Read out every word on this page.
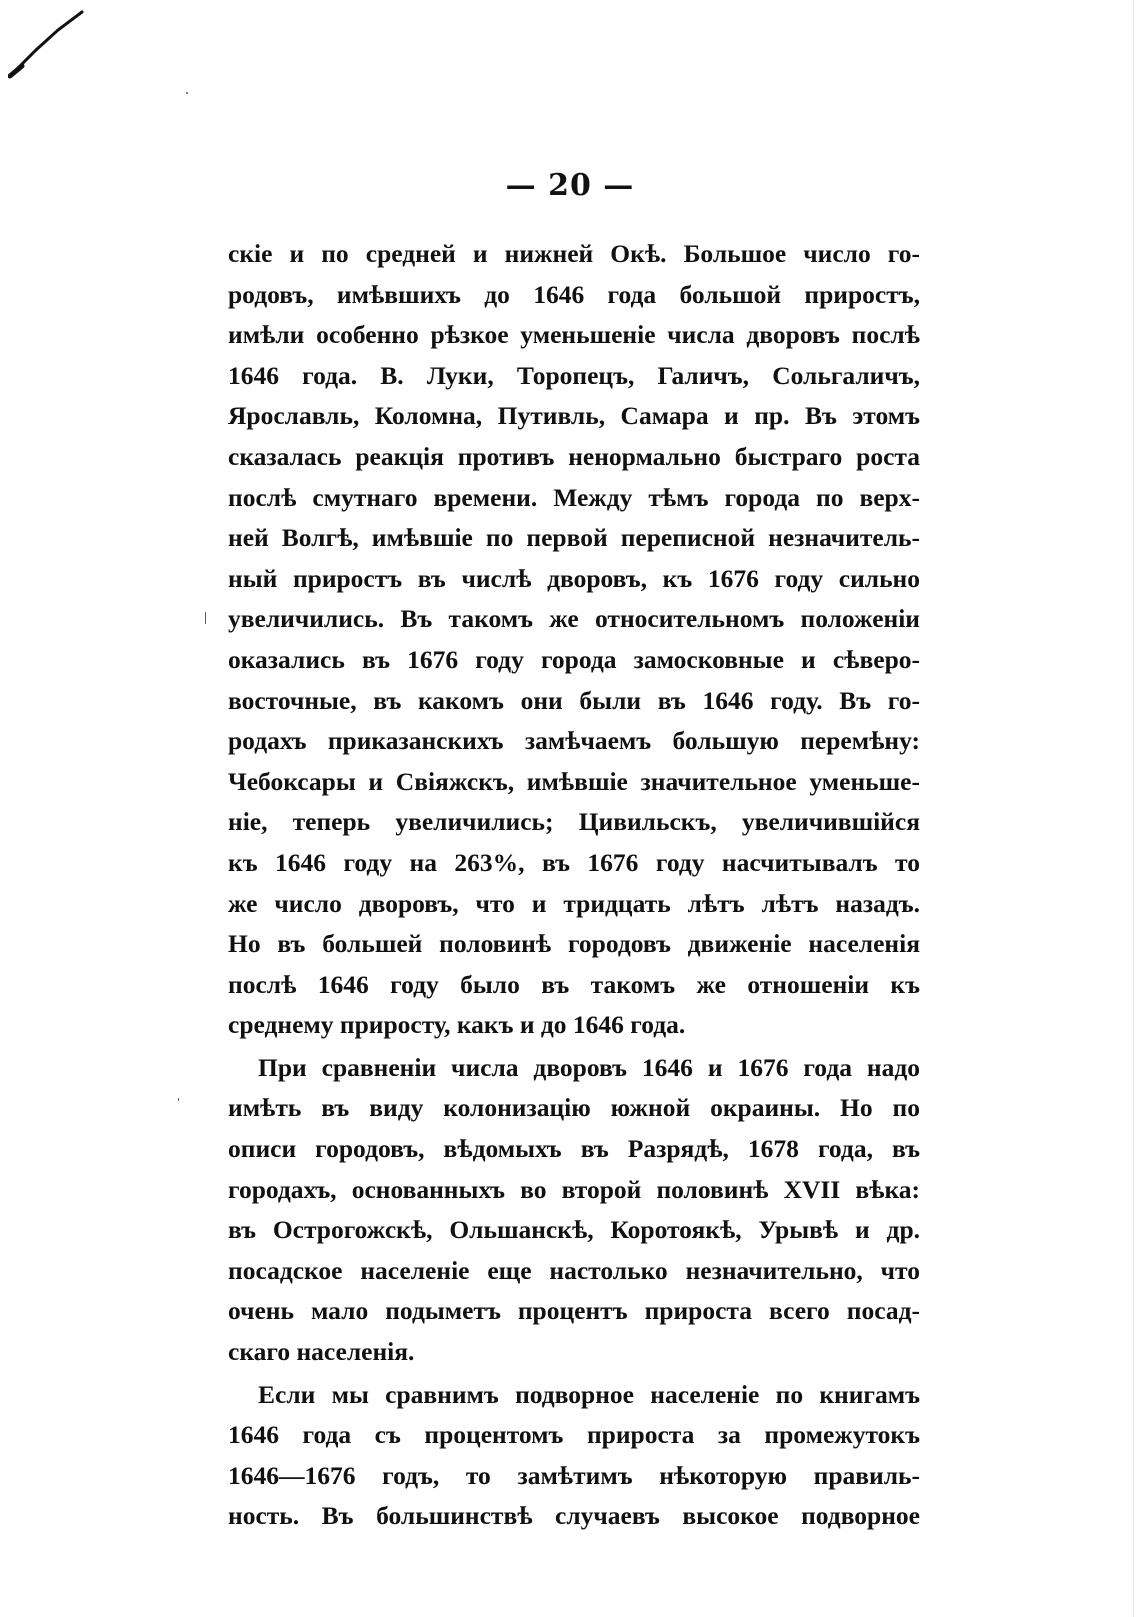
— 20 —
скіе и по средней и нижней Окѣ. Большое число го-
родовъ, имѣвшихъ до 1646 года большой приростъ,
имѣли особенно рѣзкое уменьшеніе числа дворовъ послѣ
1646 года. В. Луки, Торопецъ, Галичъ, Сольгаличъ,
Ярославль, Коломна, Путивль, Самара и пр. Въ этомъ
сказалась реакція противъ ненормально быстраго роста
послѣ смутнаго времени. Между тѣмъ города по верх-
ней Волгѣ, имѣвшіе по первой переписной незначитель-
ный приростъ въ числѣ дворовъ, къ 1676 году сильно
увеличились. Въ такомъ же относительномъ положеніи
оказались въ 1676 году города замосковные и сѣверо-
восточные, въ какомъ они были въ 1646 году. Въ го-
родахъ приказанскихъ замѣчаемъ большую перемѣну:
Чебоксары и Свіяжскъ, имѣвшіе значительное уменьше-
ніе, теперь увеличились; Цивильскъ, увеличившійся
къ 1646 году на 263%, въ 1676 году насчитывалъ то
же число дворовъ, что и тридцать лѣтъ лѣтъ назадъ.
Но въ большей половинѣ городовъ движеніе населенія
послѣ 1646 году было въ такомъ же отношеніи къ
среднему приросту, какъ и до 1646 года.
При сравненіи числа дворовъ 1646 и 1676 года надо
имѣть въ виду колонизацію южной окраины. Но по
описи городовъ, вѣдомыхъ въ Разрядѣ, 1678 года, въ
городахъ, основанныхъ во второй половинѣ XVII вѣка:
въ Острогожскѣ, Ольшанскѣ, Коротоякѣ, Урывѣ и др.
посадское населеніе еще настолько незначительно, что
очень мало подыметъ процентъ прироста всего посад-
скаго населенія.
Если мы сравнимъ подворное населеніе по книгамъ
1646 года съ процентомъ прироста за промежутокъ
1646—1676 годъ, то замѣтимъ нѣкоторую правиль-
ность. Въ большинствѣ случаевъ высокое подворное
